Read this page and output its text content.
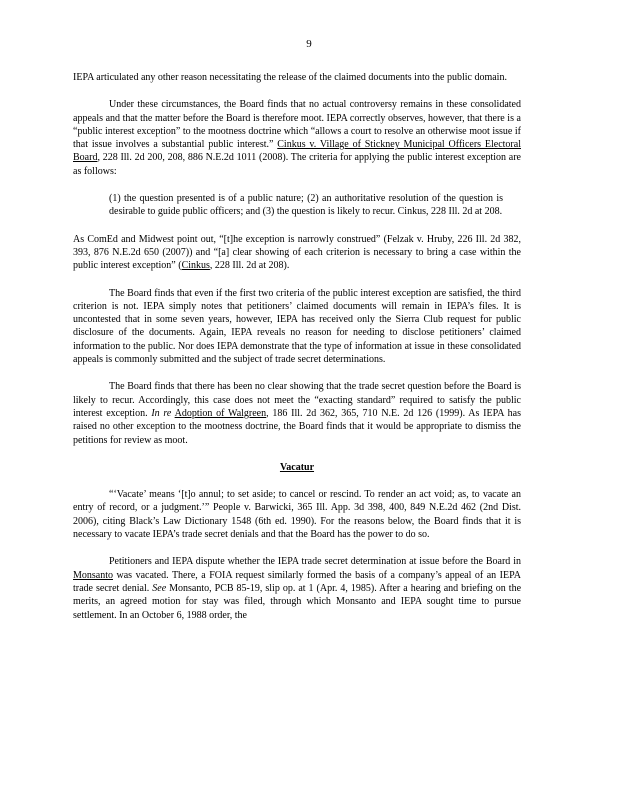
9

IEPA articulated any other reason necessitating the release of the claimed documents into the public domain.

Under these circumstances, the Board finds that no actual controversy remains in these consolidated appeals and that the matter before the Board is therefore moot. IEPA correctly observes, however, that there is a “public interest exception” to the mootness doctrine which “allows a court to resolve an otherwise moot issue if that issue involves a substantial public interest.” Cinkus v. Village of Stickney Municipal Officers Electoral Board, 228 Ill. 2d 200, 208, 886 N.E.2d 1011 (2008). The criteria for applying the public interest exception are as follows:

(1) the question presented is of a public nature; (2) an authoritative resolution of the question is desirable to guide public officers; and (3) the question is likely to recur. Cinkus, 228 Ill. 2d at 208.

As ComEd and Midwest point out, “[t]he exception is narrowly construed” (Felzak v. Hruby, 226 Ill. 2d 382, 393, 876 N.E.2d 650 (2007)) and “[a] clear showing of each criterion is necessary to bring a case within the public interest exception” (Cinkus, 228 Ill. 2d at 208).

The Board finds that even if the first two criteria of the public interest exception are satisfied, the third criterion is not. IEPA simply notes that petitioners’ claimed documents will remain in IEPA’s files. It is uncontested that in some seven years, however, IEPA has received only the Sierra Club request for public disclosure of the documents. Again, IEPA reveals no reason for needing to disclose petitioners’ claimed information to the public. Nor does IEPA demonstrate that the type of information at issue in these consolidated appeals is commonly submitted and the subject of trade secret determinations.

The Board finds that there has been no clear showing that the trade secret question before the Board is likely to recur. Accordingly, this case does not meet the “exacting standard” required to satisfy the public interest exception. In re Adoption of Walgreen, 186 Ill. 2d 362, 365, 710 N.E. 2d 126 (1999). As IEPA has raised no other exception to the mootness doctrine, the Board finds that it would be appropriate to dismiss the petitions for review as moot.

Vacatur

“‘Vacate’ means ‘[t]o annul; to set aside; to cancel or rescind. To render an act void; as, to vacate an entry of record, or a judgment.’” People v. Barwicki, 365 Ill. App. 3d 398, 400, 849 N.E.2d 462 (2nd Dist. 2006), citing Black’s Law Dictionary 1548 (6th ed. 1990). For the reasons below, the Board finds that it is necessary to vacate IEPA’s trade secret denials and that the Board has the power to do so.

Petitioners and IEPA dispute whether the IEPA trade secret determination at issue before the Board in Monsanto was vacated. There, a FOIA request similarly formed the basis of a company’s appeal of an IEPA trade secret denial. See Monsanto, PCB 85-19, slip op. at 1 (Apr. 4, 1985). After a hearing and briefing on the merits, an agreed motion for stay was filed, through which Monsanto and IEPA sought time to pursue settlement. In an October 6, 1988 order, the
